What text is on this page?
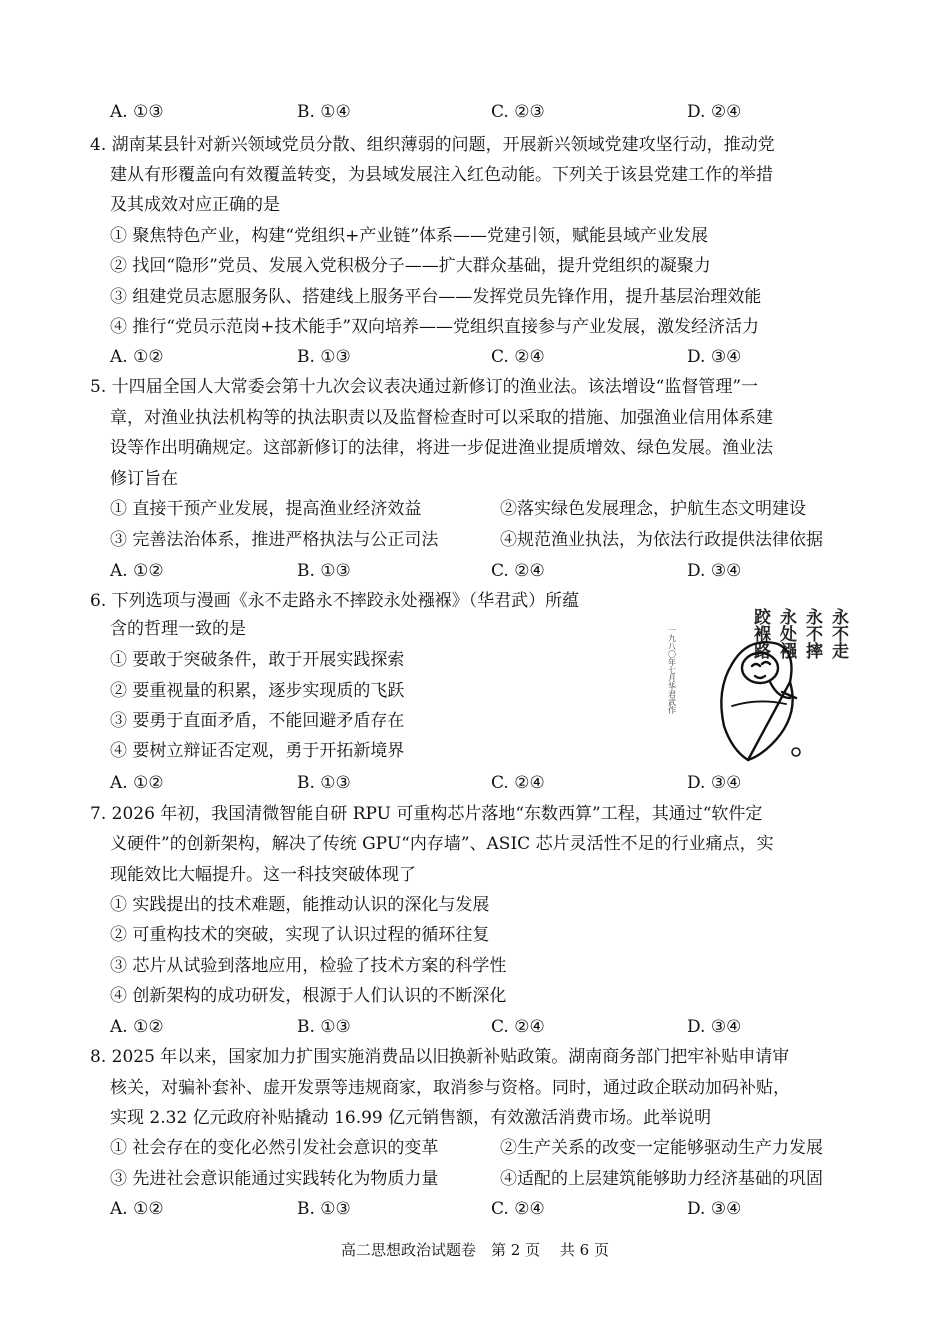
A. ①③	B. ①④	C. ②③	D. ②④
4. 湖南某县针对新兴领域党员分散、组织薄弱的问题，开展新兴领域党建攻坚行动，推动党
建从有形覆盖向有效覆盖转变，为县域发展注入红色动能。下列关于该县党建工作的举措
及其成效对应正确的是
① 聚焦特色产业，构建“党组织+产业链”体系——党建引领，赋能县域产业发展
② 找回“隐形”党员、发展入党积极分子——扩大群众基础，提升党组织的凝聚力
③ 组建党员志愿服务队、搭建线上服务平台——发挥党员先锋作用，提升基层治理效能
④ 推行“党员示范岗+技术能手”双向培养——党组织直接参与产业发展，激发经济活力
A. ①②	B. ①③	C. ②④	D. ③④
5. 十四届全国人大常委会第十九次会议表决通过新修订的渔业法。该法增设“监督管理”一
章，对渔业执法机构等的执法职责以及监督检查时可以采取的措施、加强渔业信用体系建
设等作出明确规定。这部新修订的法律，将进一步促进渔业提质增效、绿色发展。渔业法
修订旨在
① 直接干预产业发展，提高渔业经济效益	②落实绿色发展理念，护航生态文明建设
③ 完善法治体系，推进严格执法与公正司法	④规范渔业执法，为依法行政提供法律依据
A. ①②	B. ①③	C. ②④	D. ③④
6. 下列选项与漫画《永不走路永不摔跤永处襁褓》（华君武）所蕴
含的哲理一致的是
① 要敢于突破条件，敢于开展实践探索
② 要重视量的积累，逐步实现质的飞跃
③ 要勇于直面矛盾，不能回避矛盾存在
④ 要树立辩证否定观，勇于开拓新境界
A. ①②	B. ①③	C. ②④	D. ③④
永不走
永不摔
永处襁
跤褓路
一九八〇年七月华君武作
7. 2026 年初，我国清微智能自研 RPU 可重构芯片落地“东数西算”工程，其通过“软件定
义硬件”的创新架构，解决了传统 GPU“内存墙”、ASIC 芯片灵活性不足的行业痛点，实
现能效比大幅提升。这一科技突破体现了
① 实践提出的技术难题，能推动认识的深化与发展
② 可重构技术的突破，实现了认识过程的循环往复
③ 芯片从试验到落地应用，检验了技术方案的科学性
④ 创新架构的成功研发，根源于人们认识的不断深化
A. ①②	B. ①③	C. ②④	D. ③④
8. 2025 年以来，国家加力扩围实施消费品以旧换新补贴政策。湖南商务部门把牢补贴申请审
核关，对骗补套补、虚开发票等违规商家，取消参与资格。同时，通过政企联动加码补贴，
实现 2.32 亿元政府补贴撬动 16.99 亿元销售额，有效激活消费市场。此举说明
① 社会存在的变化必然引发社会意识的变革	②生产关系的改变一定能够驱动生产力发展
③ 先进社会意识能通过实践转化为物质力量	④适配的上层建筑能够助力经济基础的巩固
A. ①②	B. ①③	C. ②④	D. ③④
高二思想政治试题卷　第 2 页　 共 6 页
